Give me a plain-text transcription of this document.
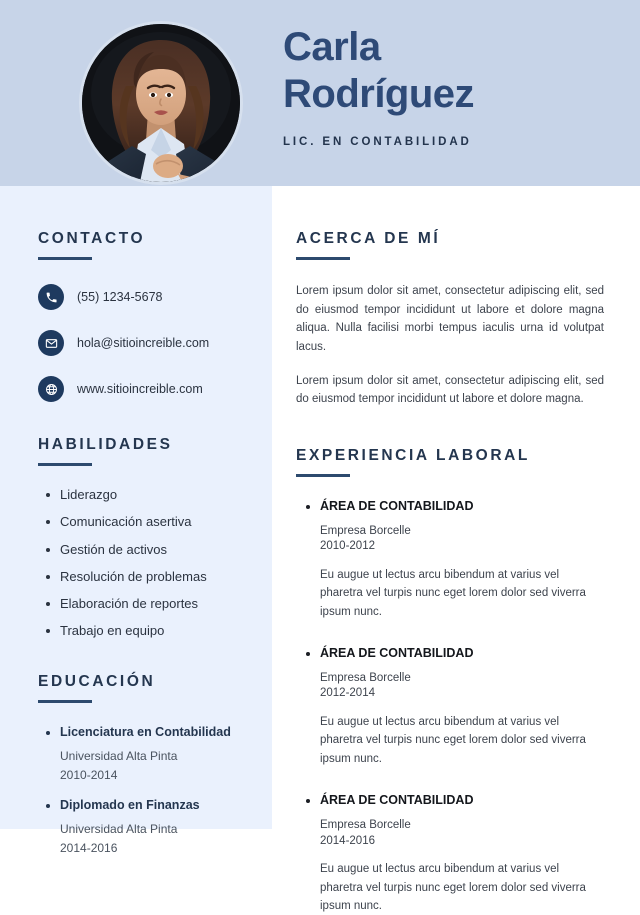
Carla
Rodríguez
LIC. EN CONTABILIDAD
CONTACTO
(55) 1234-5678
hola@sitioincreible.com
www.sitioincreible.com
HABILIDADES
Liderazgo
Comunicación asertiva
Gestión de activos
Resolución de problemas
Elaboración de reportes
Trabajo en equipo
EDUCACIÓN
Licenciatura en Contabilidad
Universidad Alta Pinta
2010-2014
Diplomado en Finanzas
Universidad Alta Pinta
2014-2016
ACERCA DE MÍ

Lorem ipsum dolor sit amet, consectetur adipiscing elit, sed do eiusmod tempor incididunt ut labore et dolore magna aliqua. Nulla facilisi morbi tempus iaculis urna id volutpat lacus.

Lorem ipsum dolor sit amet, consectetur adipiscing elit, sed do eiusmod tempor incididunt ut labore et dolore magna.

EXPERIENCIA LABORAL
ÁREA DE CONTABILIDAD
Empresa Borcelle
2010-2012
Eu augue ut lectus arcu bibendum at varius vel pharetra vel turpis nunc eget lorem dolor sed viverra ipsum nunc.
ÁREA DE CONTABILIDAD
Empresa Borcelle
2012-2014
Eu augue ut lectus arcu bibendum at varius vel pharetra vel turpis nunc eget lorem dolor sed viverra ipsum nunc.
ÁREA DE CONTABILIDAD
Empresa Borcelle
2014-2016
Eu augue ut lectus arcu bibendum at varius vel pharetra vel turpis nunc eget lorem dolor sed viverra ipsum nunc.
